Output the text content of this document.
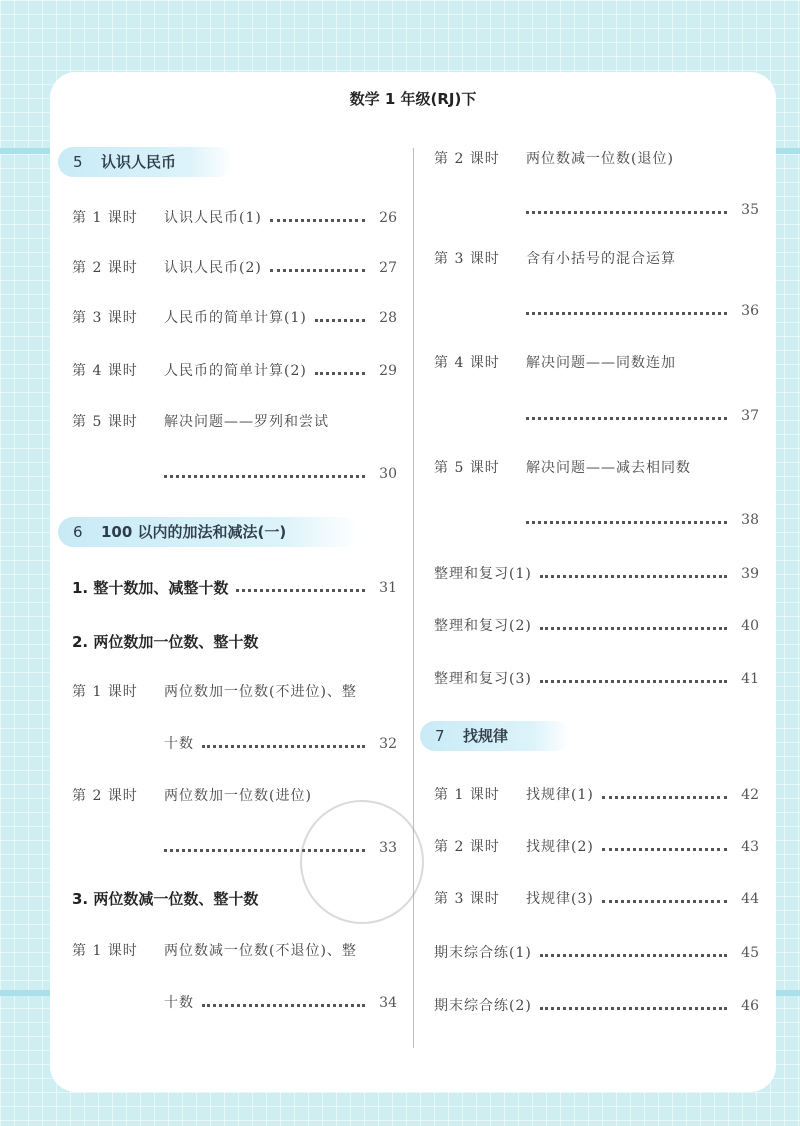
数学 1 年级(RJ)下
5 认识人民币
第 1 课时	认识人民币(1)	26
第 2 课时	认识人民币(2)	27
第 3 课时	人民币的简单计算(1)	28
第 4 课时	人民币的简单计算(2)	29
第 5 课时	解决问题——罗列和尝试
30
6 100 以内的加法和减法(一)
1. 整十数加、减整十数	31
2. 两位数加一位数、整十数
第 1 课时	两位数加一位数(不进位)、整
十数	32
第 2 课时	两位数加一位数(进位)
33
3. 两位数减一位数、整十数
第 1 课时	两位数减一位数(不退位)、整
十数	34
第 2 课时	两位数减一位数(退位)
35
第 3 课时	含有小括号的混合运算
36
第 4 课时	解决问题——同数连加
37
第 5 课时	解决问题——减去相同数
38
整理和复习(1)	39
整理和复习(2)	40
整理和复习(3)	41
7 找规律
第 1 课时	找规律(1)	42
第 2 课时	找规律(2)	43
第 3 课时	找规律(3)	44
期末综合练(1)	45
期末综合练(2)	46
